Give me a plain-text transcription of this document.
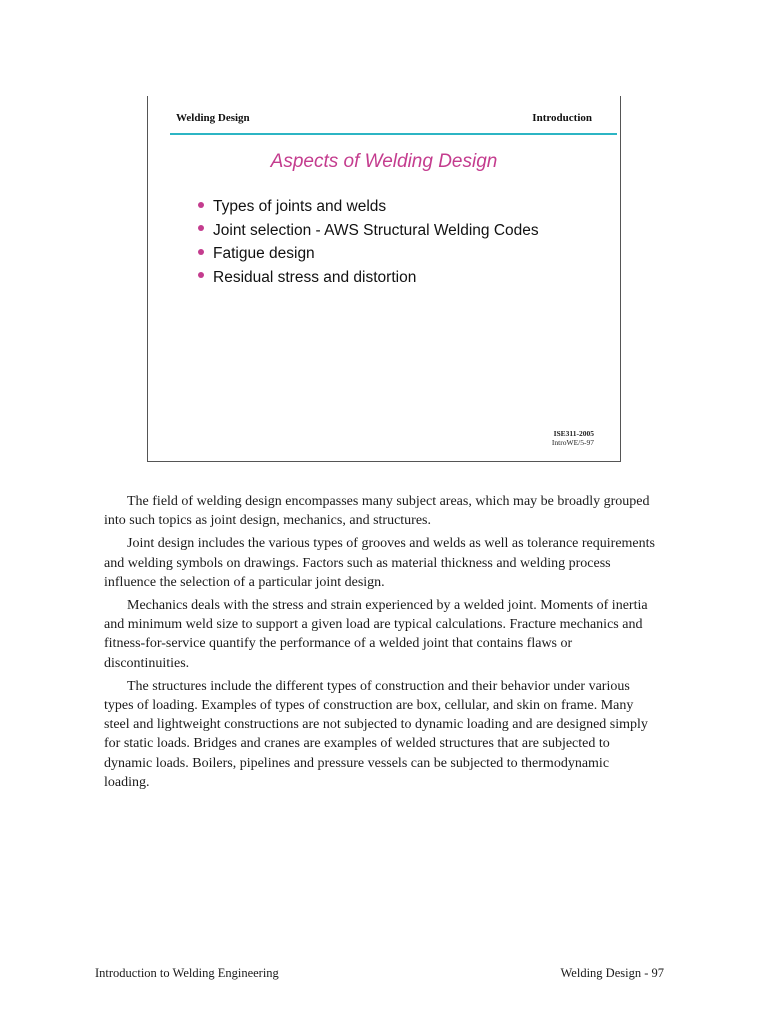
Welding Design	Introduction
Aspects of Welding Design
Types of joints and welds
Joint selection - AWS Structural Welding Codes
Fatigue design
Residual stress and distortion
ISE311-2005
IntroWE/5-97

The field of welding design encompasses many subject areas, which may be broadly grouped into such topics as joint design, mechanics, and structures.

Joint design includes the various types of grooves and welds as well as tolerance requirements and welding symbols on drawings. Factors such as material thickness and welding process influence the selection of a particular joint design.

Mechanics deals with the stress and strain experienced by a welded joint. Moments of inertia and minimum weld size to support a given load are typical calculations. Fracture mechanics and fitness-for-service quantify the performance of a welded joint that contains flaws or discontinuities.

The structures include the different types of construction and their behavior under various types of loading. Examples of types of construction are box, cellular, and skin on frame. Many steel and lightweight constructions are not subjected to dynamic loading and are designed simply for static loads. Bridges and cranes are examples of welded structures that are subjected to dynamic loads. Boilers, pipelines and pressure vessels can be subjected to thermodynamic loading.

Introduction to Welding Engineering	Welding Design - 97
